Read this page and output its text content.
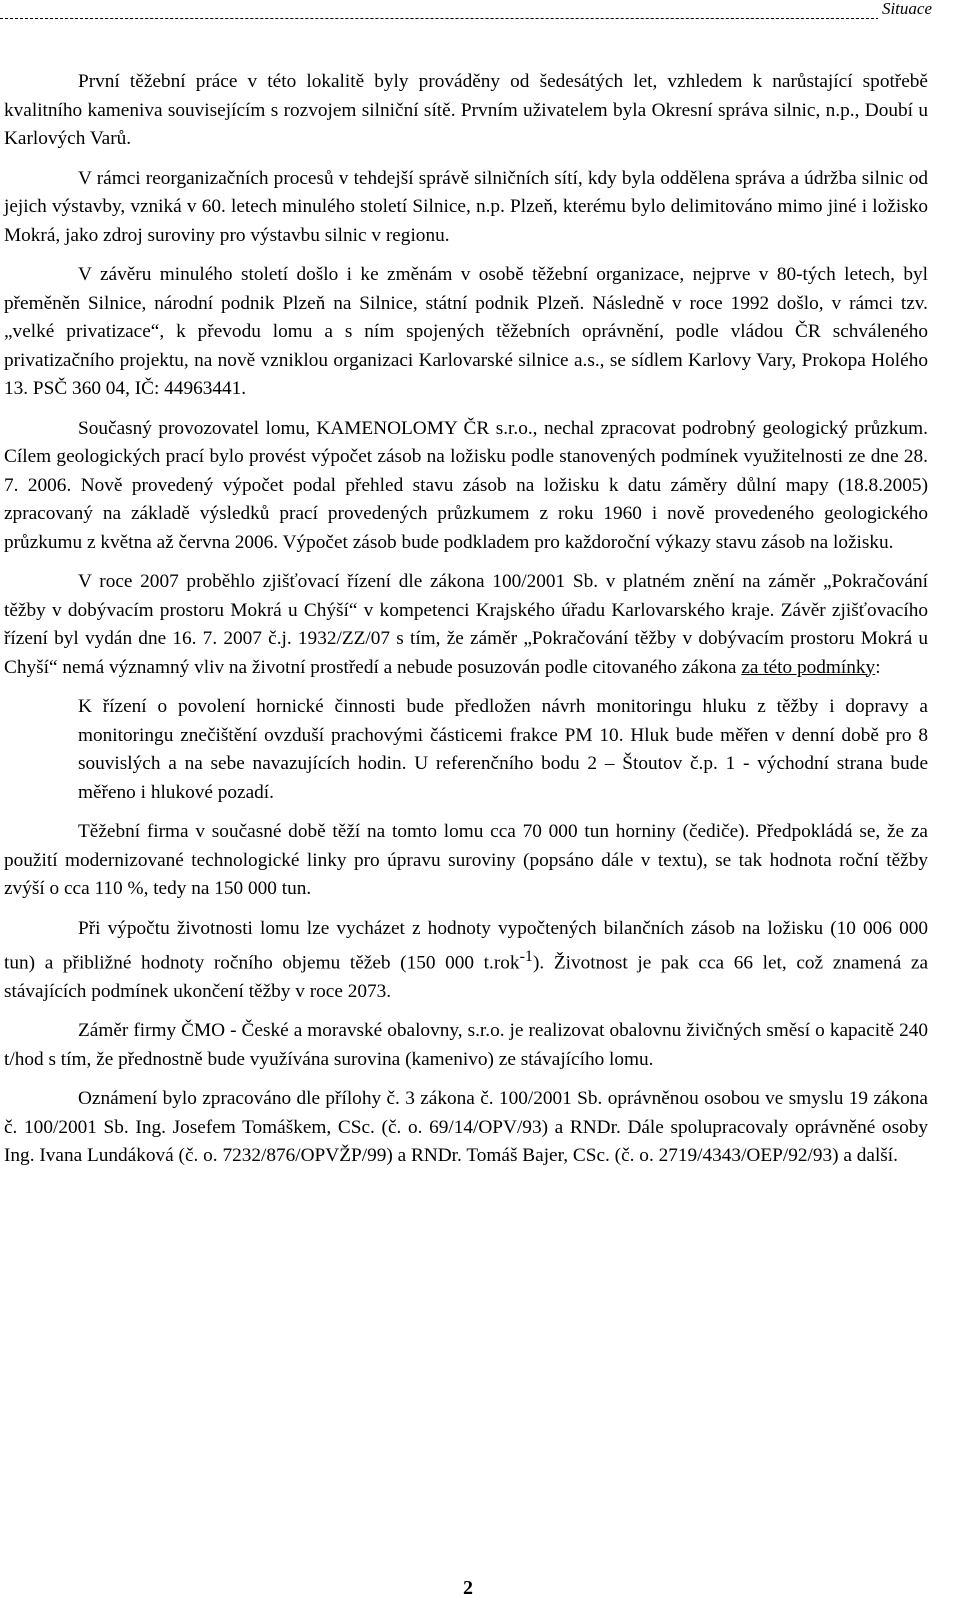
Situace

První těžební práce v této lokalitě byly prováděny od šedesátých let, vzhledem k narůstající spotřebě kvalitního kameniva souvisejícím s rozvojem silniční sítě. Prvním uživatelem byla Okresní správa silnic, n.p., Doubí u Karlových Varů.

V rámci reorganizačních procesů v tehdejší správě silničních sítí, kdy byla oddělena správa a údržba silnic od jejich výstavby, vzniká v 60. letech minulého století Silnice, n.p. Plzeň, kterému bylo delimitováno mimo jiné i ložisko Mokrá, jako zdroj suroviny pro výstavbu silnic v regionu.

V závěru minulého století došlo i ke změnám v osobě těžební organizace, nejprve v 80-tých letech, byl přeměněn Silnice, národní podnik Plzeň na Silnice, státní podnik Plzeň. Následně v roce 1992 došlo, v rámci tzv. „velké privatizace“, k převodu lomu a s ním spojených těžebních oprávnění, podle vládou ČR schváleného privatizačního projektu, na nově vzniklou organizaci Karlovarské silnice a.s., se sídlem Karlovy Vary, Prokopa Holého 13. PSČ 360 04, IČ: 44963441.

Současný provozovatel lomu, KAMENOLOMY ČR s.r.o., nechal zpracovat podrobný geologický průzkum. Cílem geologických prací bylo provést výpočet zásob na ložisku podle stanovených podmínek využitelnosti ze dne 28. 7. 2006. Nově provedený výpočet podal přehled stavu zásob na ložisku k datu záměry důlní mapy (18.8.2005) zpracovaný na základě výsledků prací provedených průzkumem z roku 1960 i nově provedeného geologického průzkumu z května až června 2006. Výpočet zásob bude podkladem pro každoroční výkazy stavu zásob na ložisku.

V roce 2007 proběhlo zjišťovací řízení dle zákona 100/2001 Sb. v platném znění na záměr „Pokračování těžby v dobývacím prostoru Mokrá u Chýší“ v kompetenci Krajského úřadu Karlovarského kraje. Závěr zjišťovacího řízení byl vydán dne 16. 7. 2007 č.j. 1932/ZZ/07 s tím, že záměr „Pokračování těžby v dobývacím prostoru Mokrá u Chyší“ nemá významný vliv na životní prostředí a nebude posuzován podle citovaného zákona za této podmínky:

K řízení o povolení hornické činnosti bude předložen návrh monitoringu hluku z těžby i dopravy a monitoringu znečištění ovzduší prachovými částicemi frakce PM 10. Hluk bude měřen v denní době pro 8 souvislých a na sebe navazujících hodin. U referenčního bodu 2 – Štoutov č.p. 1 - východní strana bude měřeno i hlukové pozadí.

Těžební firma v současné době těží na tomto lomu cca 70 000 tun horniny (čediče). Předpokládá se, že za použití modernizované technologické linky pro úpravu suroviny (popsáno dále v textu), se tak hodnota roční těžby zvýší o cca 110 %, tedy na 150 000 tun.

Při výpočtu životnosti lomu lze vycházet z hodnoty vypočtených bilančních zásob na ložisku (10 006 000 tun) a přibližné hodnoty ročního objemu těžeb (150 000 t.rok$^{-1}$). Životnost je pak cca 66 let, což znamená za stávajících podmínek ukončení těžby v roce 2073.

Záměr firmy ČMO - České a moravské obalovny, s.r.o. je realizovat obalovnu živičných směsí o kapacitě 240 t/hod s tím, že přednostně bude využívána surovina (kamenivo) ze stávajícího lomu.

Oznámení bylo zpracováno dle přílohy č. 3 zákona č. 100/2001 Sb. oprávněnou osobou ve smyslu 19 zákona č. 100/2001 Sb. Ing. Josefem Tomáškem, CSc. (č. o. 69/14/OPV/93) a RNDr. Dále spolupracovaly oprávněné osoby Ing. Ivana Lundáková (č. o. 7232/876/OPVŽP/99) a RNDr. Tomáš Bajer, CSc. (č. o. 2719/4343/OEP/92/93) a další.

2
